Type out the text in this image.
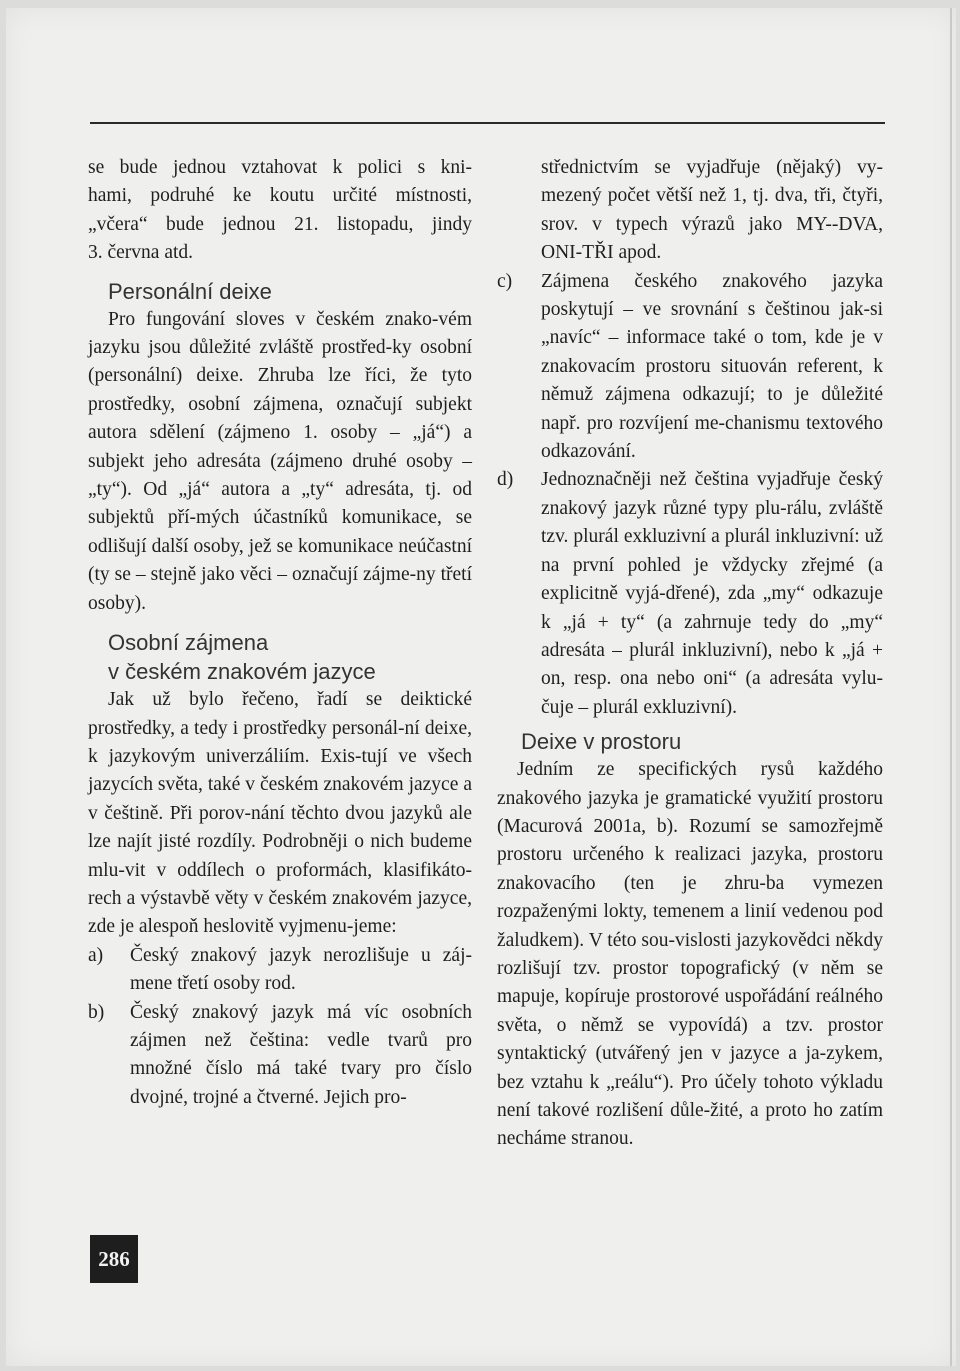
se bude jednou vztahovat k polici s kni-
hami, podruhé ke koutu určité místnosti,
„včera“ bude jednou 21. listopadu, jindy
3. června atd.
Personální deixe

Pro fungování sloves v českém znako-vém jazyku jsou důležité zvláště prostřed-ky osobní (personální) deixe. Zhruba lze říci, že tyto prostředky, osobní zájmena, označují subjekt autora sdělení (zájmeno 1. osoby – „já“) a subjekt jeho adresáta (zájmeno druhé osoby – „ty“). Od „já“ autora a „ty“ adresáta, tj. od subjektů pří-mých účastníků komunikace, se odlišují další osoby, jež se komunikace neúčastní (ty se – stejně jako věci – označují zájme-ny třetí osoby).

Osobní zájmena
v českém znakovém jazyce

Jak už bylo řečeno, řadí se deiktické prostředky, a tedy i prostředky personál-ní deixe, k jazykovým univerzáliím. Exis-tují ve všech jazycích světa, také v českém znakovém jazyce a v češtině. Při porov-nání těchto dvou jazyků ale lze najít jisté rozdíly. Podrobněji o nich budeme mlu-vit v oddílech o proformách, klasifikáto-rech a výstavbě věty v českém znakovém jazyce, zde je alespoň heslovitě vyjmenu-jeme:

a)	Český znakový jazyk nerozlišuje u záj-mene třetí osoby rod.
b)	Český znakový jazyk má víc osobních zájmen než čeština: vedle tvarů pro množné číslo má také tvary pro číslo dvojné, trojné a čtverné. Jejich pro-

střednictvím se vyjadřuje (nějaký) vy-mezený počet větší než 1, tj. dva, tři, čtyři, srov. v typech výrazů jako MY--DVA, ONI-TŘI apod.

c)	Zájmena českého znakového jazyka poskytují – ve srovnání s češtinou jak-si „navíc“ – informace také o tom, kde je v znakovacím prostoru situován referent, k němuž zájmena odkazují; to je důležité např. pro rozvíjení me-chanismu textového odkazování.
d)	Jednoznačněji než čeština vyjadřuje český znakový jazyk různé typy plu-rálu, zvláště tzv. plurál exkluzivní a plurál inkluzivní: už na první pohled je vždycky zřejmé (a explicitně vyjá-dřené), zda „my“ odkazuje k „já + ty“ (a zahrnuje tedy do „my“ adresáta – plurál inkluzivní), nebo k „já + on, resp. ona nebo oni“ (a adresáta vylu-čuje – plurál exkluzivní).
Deixe v prostoru

Jedním ze specifických rysů každého znakového jazyka je gramatické využití prostoru (Macurová 2001a, b). Rozumí se samozřejmě prostoru určeného k realizaci jazyka, prostoru znakovacího (ten je zhru-ba vymezen rozpaženými lokty, temenem a linií vedenou pod žaludkem). V této sou-vislosti jazykovědci někdy rozlišují tzv. prostor topografický (v něm se mapuje, kopíruje prostorové uspořádání reálného světa, o němž se vypovídá) a tzv. prostor syntaktický (utvářený jen v jazyce a ja-zykem, bez vztahu k „reálu“). Pro účely tohoto výkladu není takové rozlišení důle-žité, a proto ho zatím necháme stranou.

286
